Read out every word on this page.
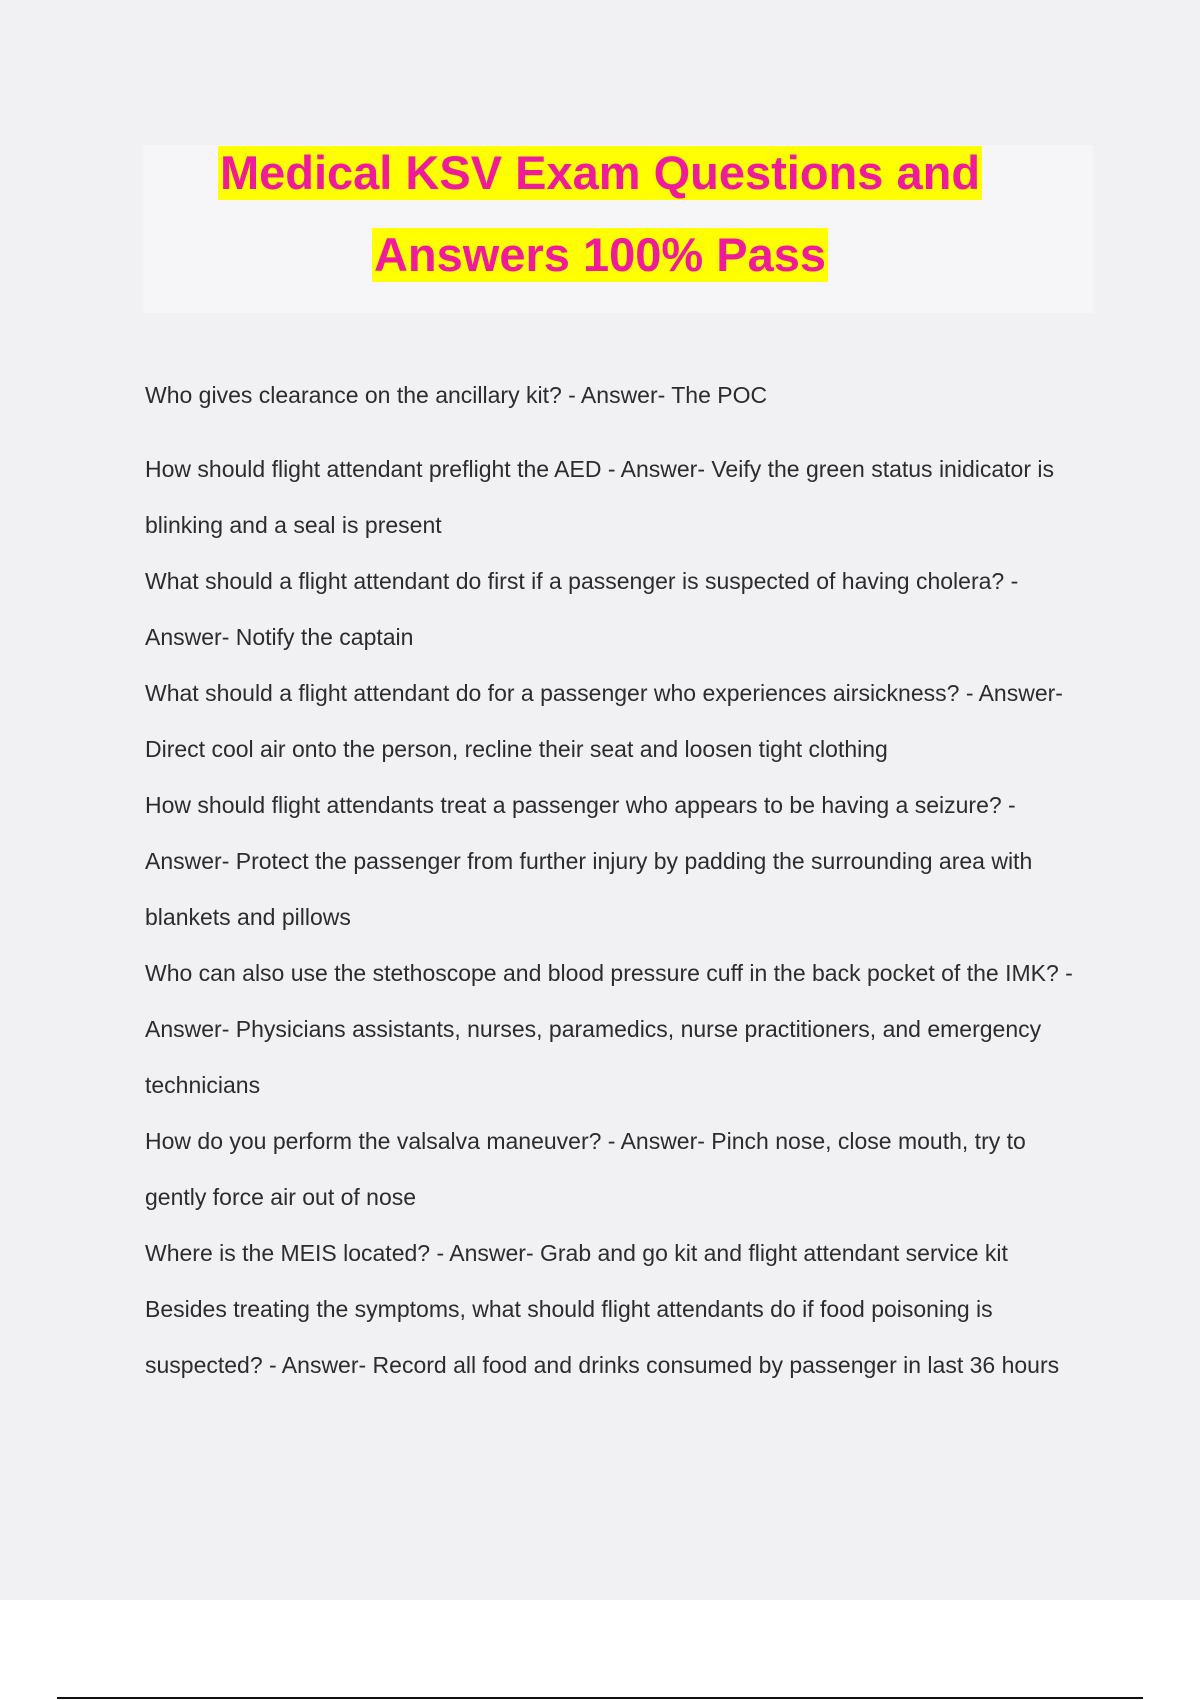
Medical KSV Exam Questions and
Answers 100% Pass

Who gives clearance on the ancillary kit? - Answer- The POC

How should flight attendant preflight the AED - Answer- Veify the green status inidicator is blinking and a seal is present

What should a flight attendant do first if a passenger is suspected of having cholera? - Answer- Notify the captain

What should a flight attendant do for a passenger who experiences airsickness? - Answer- Direct cool air onto the person, recline their seat and loosen tight clothing

How should flight attendants treat a passenger who appears to be having a seizure? - Answer- Protect the passenger from further injury by padding the surrounding area with blankets and pillows

Who can also use the stethoscope and blood pressure cuff in the back pocket of the IMK? - Answer- Physicians assistants, nurses, paramedics, nurse practitioners, and emergency technicians

How do you perform the valsalva maneuver? - Answer- Pinch nose, close mouth, try to gently force air out of nose

Where is the MEIS located? - Answer- Grab and go kit and flight attendant service kit

Besides treating the symptoms, what should flight attendants do if food poisoning is suspected? - Answer- Record all food and drinks consumed by passenger in last 36 hours
